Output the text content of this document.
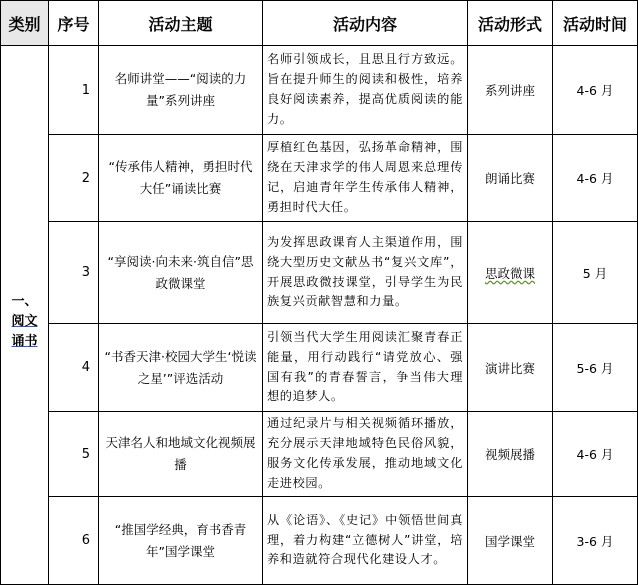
类别	序号	活动主题	活动内容	活动形式	活动时间

一、
阅文
诵书	1	名师讲堂——“阅读的力量”系列讲座	名师引领成长，且思且行方致远。旨在提升师生的阅读和极性，培养良好阅读素养，提高优质阅读的能力。	系列讲座	4-6 月
	2	“传承伟人精神，勇担时代大任”诵读比赛	厚植红色基因，弘扬革命精神，围绕在天津求学的伟人周恩来总理传记，启迪青年学生传承伟人精神，勇担时代大任。	朗诵比赛	4-6 月
	3	“享阅读·向未来·筑自信”思政微课堂	为发挥思政课育人主渠道作用，围绕大型历史文献丛书“复兴文库”，开展思政微技课堂，引导学生为民族复兴贡献智慧和力量。	思政微课	5 月
	4	“书香天津·校园大学生‘悦读之星’”评选活动	引领当代大学生用阅读汇聚青春正能量，用行动践行“请党放心、强国有我”的青春誓言，争当伟大理想的追梦人。	演讲比赛	5-6 月
	5	天津名人和地域文化视频展播	通过纪录片与相关视频循环播放，充分展示天津地域特色民俗风貌，服务文化传承发展，推动地域文化走进校园。	视频展播	4-6 月
	6	“推国学经典，育书香青年”国学课堂	从《论语》、《史记》中领悟世间真理，着力构建“立德树人”讲堂，培养和造就符合现代化建设人才。	国学课堂	3-6 月
